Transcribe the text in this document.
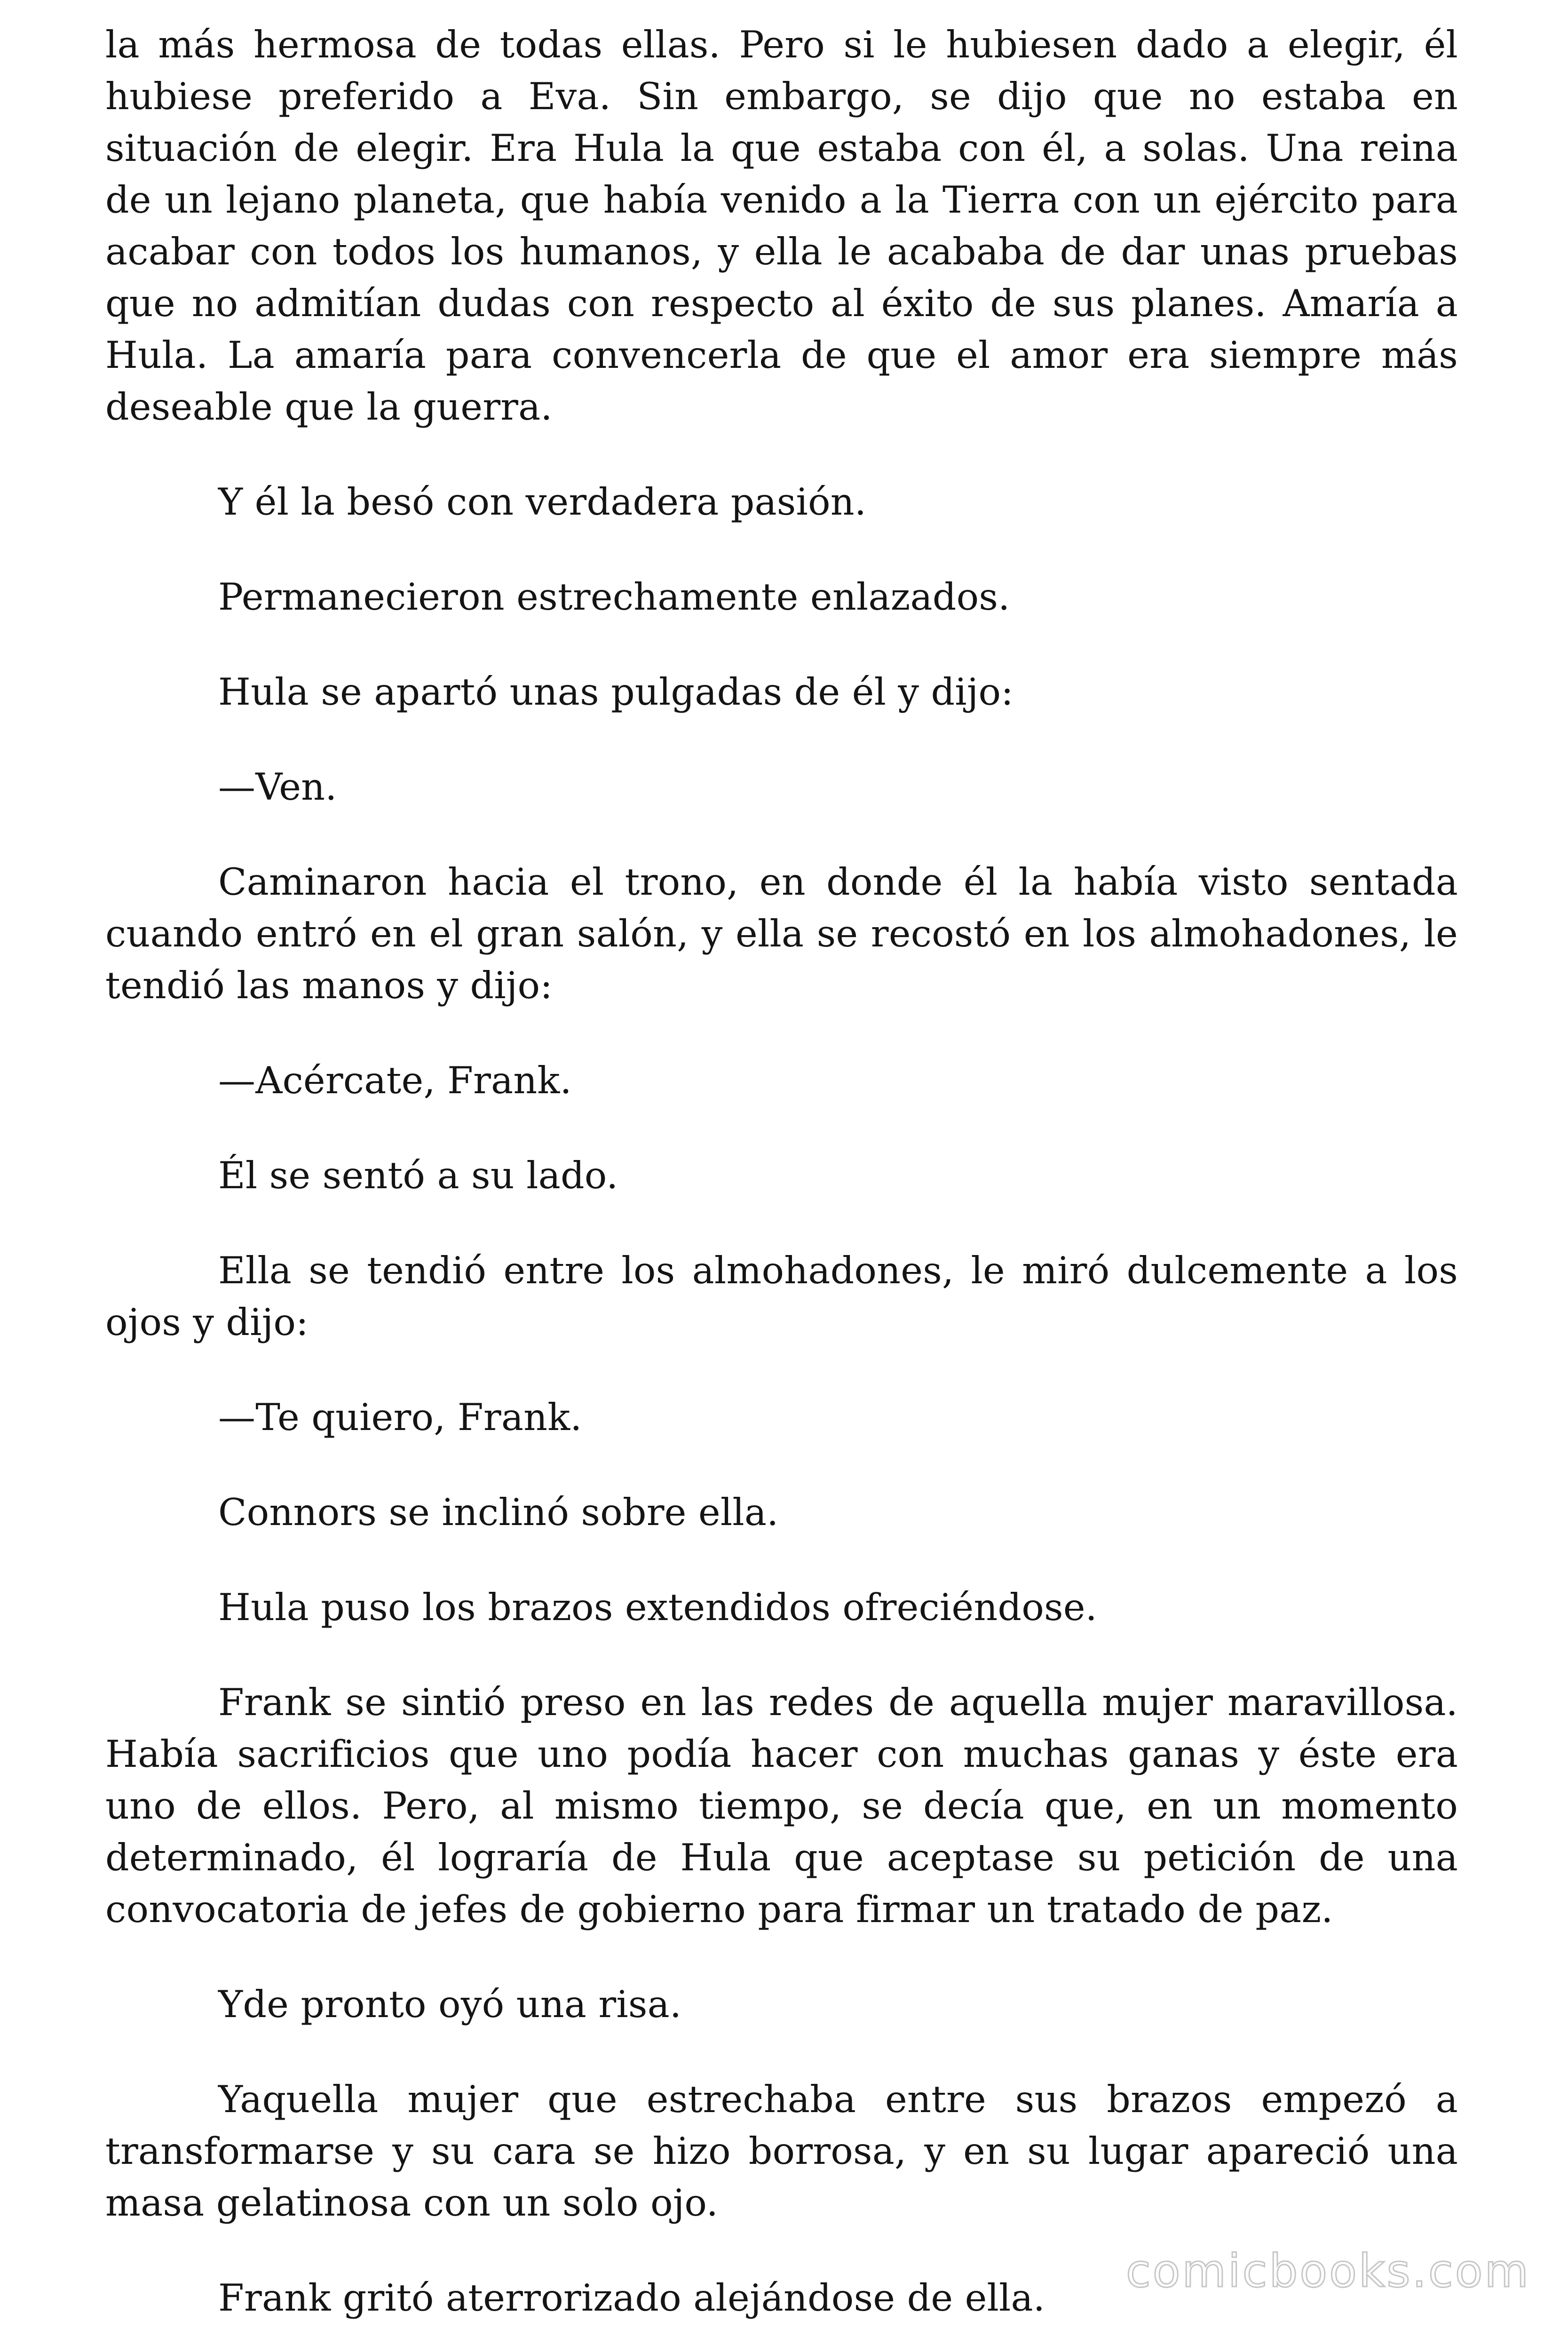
la más hermosa de todas ellas. Pero si le hubiesen dado a elegir, él hubiese preferido a Eva. Sin embargo, se dijo que no estaba en situación de elegir. Era Hula la que estaba con él, a solas. Una reina de un lejano planeta, que había venido a la Tierra con un ejército para acabar con todos los humanos, y ella le acababa de dar unas pruebas que no admitían dudas con respecto al éxito de sus planes. Amaría a Hula. La amaría para convencerla de que el amor era siempre más deseable que la guerra.

Y él la besó con verdadera pasión.

Permanecieron estrechamente enlazados.

Hula se apartó unas pulgadas de él y dijo:

—Ven.

Caminaron hacia el trono, en donde él la había visto sentada cuando entró en el gran salón, y ella se recostó en los almohadones, le tendió las manos y dijo:

—Acércate, Frank.

Él se sentó a su lado.

Ella se tendió entre los almohadones, le miró dulcemente a los ojos y dijo:

—Te quiero, Frank.

Connors se inclinó sobre ella.

Hula puso los brazos extendidos ofreciéndose.

Frank se sintió preso en las redes de aquella mujer maravillosa. Había sacrificios que uno podía hacer con muchas ganas y éste era uno de ellos. Pero, al mismo tiempo, se decía que, en un momento determinado, él lograría de Hula que aceptase su petición de una convocatoria de jefes de gobierno para firmar un tratado de paz.

Yde pronto oyó una risa.

Yaquella mujer que estrechaba entre sus brazos empezó a transformarse y su cara se hizo borrosa, y en su lugar apareció una masa gelatinosa con un solo ojo.

Frank gritó aterrorizado alejándose de ella.

comicbooks.com
